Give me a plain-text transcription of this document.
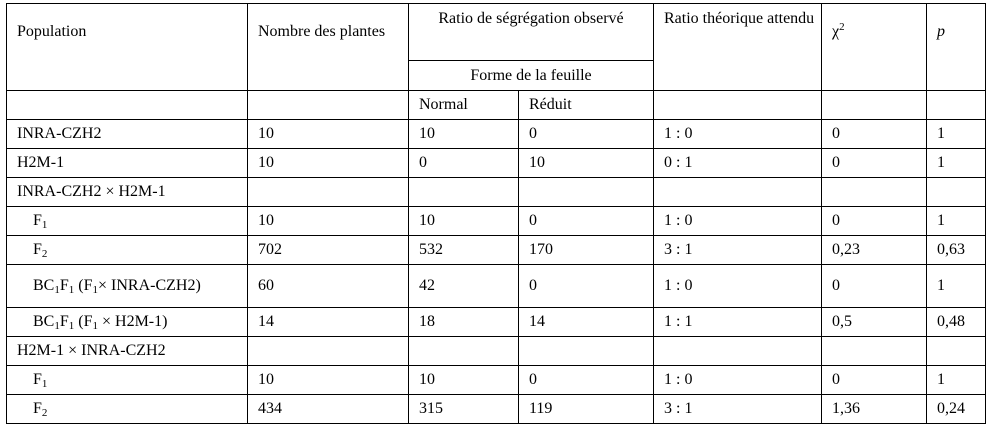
Population	Nombre des plantes	Ratio de ségrégation observé		Ratio théorique attendu	$\chi^2$	p
		Forme de la feuille				
		Normal	Réduit			
INRA-CZH2	10	10	0	1 : 0	0	1
H2M-1	10	0	10	0 : 1	0	1
INRA-CZH2 × H2M-1						
$F_1$	10	10	0	1 : 0	0	1
$F_2$	702	532	170	3 : 1	0,23	0,63
$BC_1F_1$ ($F_1\times$ INRA-CZH2)	60	42	0	1 : 0	0	1
$BC_1F_1$ $(F_1 \times H2M-1)$	14	18	14	1 : 1	0,5	0,48
H2M-1 × INRA-CZH2						
$F_1$	10	10	0	1 : 0	0	1
$F_2$	434	315	119	3 : 1	1,36	0,24
